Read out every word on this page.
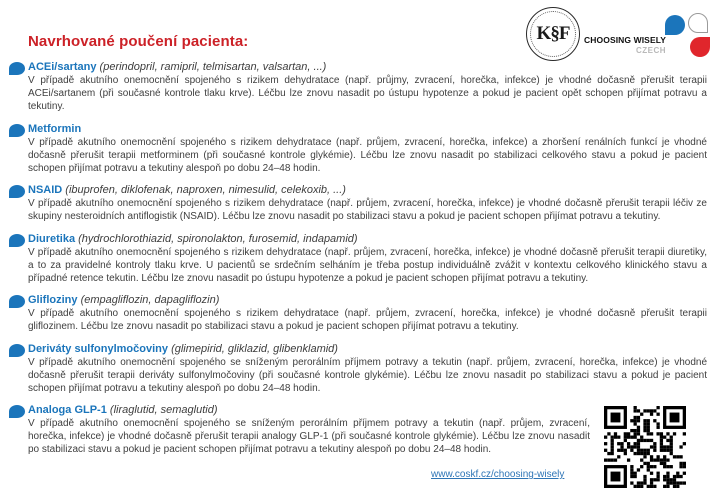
Navrhované poučení pacienta:	K§F CHOOSING WISELY
CZECH
ACEi/sartany (perindopril, ramipril, telmisartan, valsartan, ...)
V případě akutního onemocnění spojeného s rizikem dehydratace (např. průjmy, zvracení, horečka, infekce) je vhodné dočasně přerušit terapii ACEi/sartanem (při současné kontrole tlaku krve). Léčbu lze znovu nasadit po ústupu hypotenze a pokud je pacient opět schopen přijímat potravu a tekutiny.
Metformin
V případě akutního onemocnění spojeného s rizikem dehydratace (např. průjem, zvracení, horečka, infekce) a zhoršení renálních funkcí je vhodné dočasně přerušit terapii metforminem (při současné kontrole glykémie). Léčbu lze znovu nasadit po stabilizaci celkového stavu a pokud je pacient schopen přijímat potravu a tekutiny alespoň po dobu 24–48 hodin.
NSAID (ibuprofen, diklofenak, naproxen, nimesulid, celekoxib, ...)
V případě akutního onemocnění spojeného s rizikem dehydratace (např. průjem, zvracení, horečka, infekce) je vhodné dočasně přerušit terapii léčiv ze skupiny nesteroidních antiflogistik (NSAID). Léčbu lze znovu nasadit po stabilizaci stavu a pokud je pacient schopen přijímat potravu a tekutiny.
Diuretika (hydrochlorothiazid, spironolakton, furosemid, indapamid)
V případě akutního onemocnění spojeného s rizikem dehydratace (např. průjem, zvracení, horečka, infekce) je vhodné dočasně přerušit terapii diuretiky, a to za pravidelné kontroly tlaku krve. U pacientů se srdečním selháním je třeba postup individuálně zvážit v kontextu celkového klinického stavu a případné retence tekutin. Léčbu lze znovu nasadit po ústupu hypotenze a pokud je pacient schopen přijímat potravu a tekutiny.
Glifloziny (empagliflozin, dapagliflozin)
V případě akutního onemocnění spojeného s rizikem dehydratace (např. průjem, zvracení, horečka, infekce) je vhodné dočasně přerušit terapii gliflozinem. Léčbu lze znovu nasadit po stabilizaci stavu a pokud je pacient schopen přijímat potravu a tekutiny.
Deriváty sulfonylmočoviny (glimepirid, gliklazid, glibenklamid)
V případě akutního onemocnění spojeného se sníženým perorálním příjmem potravy a tekutin (např. průjem, zvracení, horečka, infekce) je vhodné dočasně přerušit terapii deriváty sulfonylmočoviny (při současné kontrole glykémie). Léčbu lze znovu nasadit po stabilizaci stavu a pokud je pacient schopen přijímat potravu a tekutiny alespoň po dobu 24–48 hodin.
Analoga GLP-1 (liraglutid, semaglutid)
V případě akutního onemocnění spojeného se sníženým perorálním příjmem potravy a tekutin (např. průjem, zvracení, horečka, infekce) je vhodné dočasně přerušit terapii analogy GLP-1 (při současné kontrole glykémie). Léčbu lze znovu nasadit po stabilizaci stavu a pokud je pacient schopen přijímat potravu a tekutiny alespoň po dobu 24–48 hodin.
www.coskf.cz/choosing-wisely
